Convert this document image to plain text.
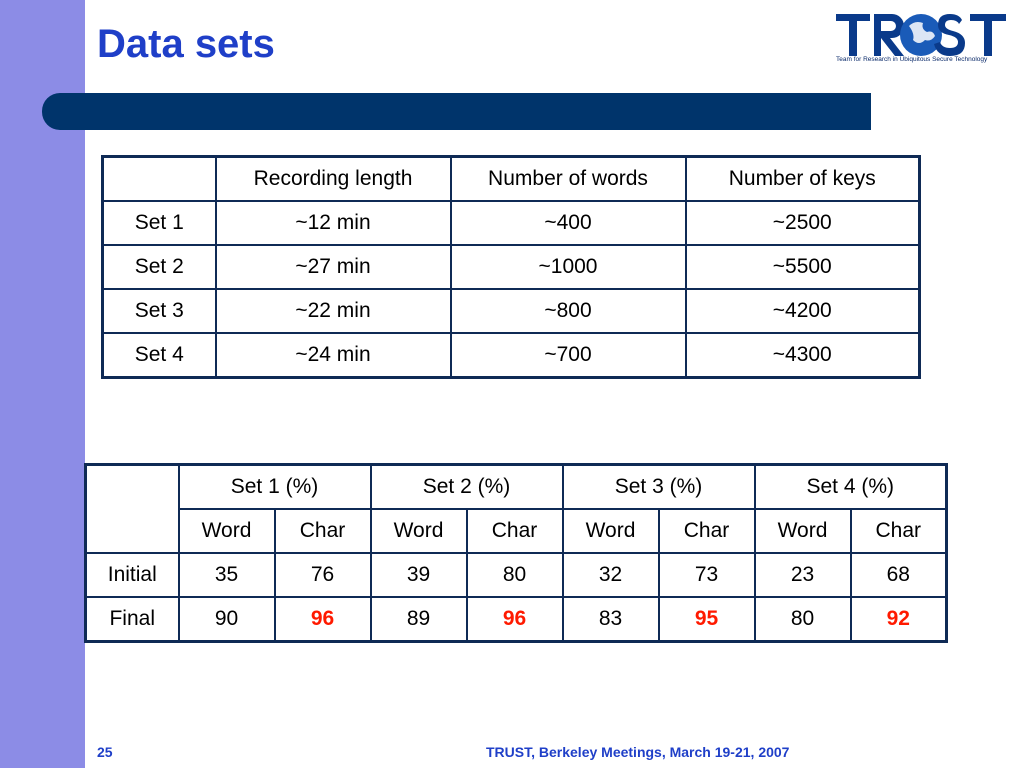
Data sets	Team for Research in Ubiquitous Secure Technology
	Recording length	Number of words	Number of keys
Set 1	~12 min	~400	~2500
Set 2	~27 min	~1000	~5500
Set 3	~22 min	~800	~4200
Set 4	~24 min	~700	~4300
	Set 1 (%)		Set 2 (%)		Set 3 (%)		Set 4 (%)	
	Word	Char	Word	Char	Word	Char	Word	Char
Initial	35	76	39	80	32	73	23	68
Final	90	96	89	96	83	95	80	92
25	TRUST, Berkeley Meetings, March 19-21, 2007
